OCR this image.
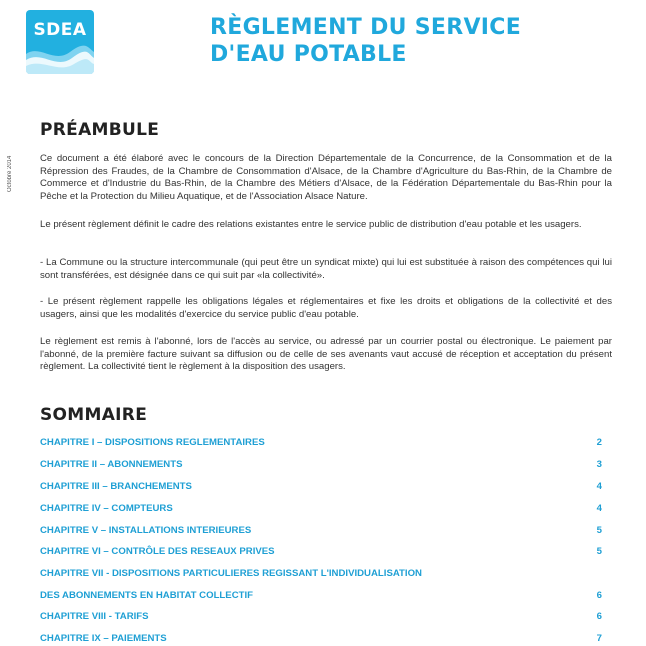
SDEA	RÈGLEMENT DU SERVICE
D'EAU POTABLE
Octobre 2014
PRÉAMBULE

Ce document a été élaboré avec le concours de la Direction Départementale de la Concurrence, de la Consommation et de la Répression des Fraudes, de la Chambre de Consommation d'Alsace, de la Chambre d'Agriculture du Bas-Rhin, de la Chambre de Commerce et d'Industrie du Bas-Rhin, de la Chambre des Métiers d'Alsace, de la Fédération Départementale du Bas-Rhin pour la Pêche et la Protection du Milieu Aquatique, et de l'Association Alsace Nature.

Le présent règlement définit le cadre des relations existantes entre le service public de distribution d'eau potable et les usagers.

- La Commune ou la structure intercommunale (qui peut être un syndicat mixte) qui lui est substituée à raison des compétences qui lui sont transférées, est désignée dans ce qui suit par «la collectivité».

- Le présent règlement rappelle les obligations légales et réglementaires et fixe les droits et obligations de la collectivité et des usagers, ainsi que les modalités d'exercice du service public d'eau potable.

Le règlement est remis à l'abonné, lors de l'accès au service, ou adressé par un courrier postal ou électronique. Le paiement par l'abonné, de la première facture suivant sa diffusion ou de celle de ses avenants vaut accusé de réception et acceptation du présent règlement. La collectivité tient le règlement à la disposition des usagers.

SOMMAIRE
CHAPITRE I – DISPOSITIONS REGLEMENTAIRES	2
CHAPITRE II – ABONNEMENTS	3
CHAPITRE III – BRANCHEMENTS	4
CHAPITRE IV – COMPTEURS	4
CHAPITRE V – INSTALLATIONS INTERIEURES	5
CHAPITRE VI – CONTRÔLE DES RESEAUX PRIVES	5
CHAPITRE VII - DISPOSITIONS PARTICULIERES REGISSANT L'INDIVIDUALISATION
DES ABONNEMENTS EN HABITAT COLLECTIF	6
CHAPITRE VIII - TARIFS	6
CHAPITRE IX – PAIEMENTS	7
